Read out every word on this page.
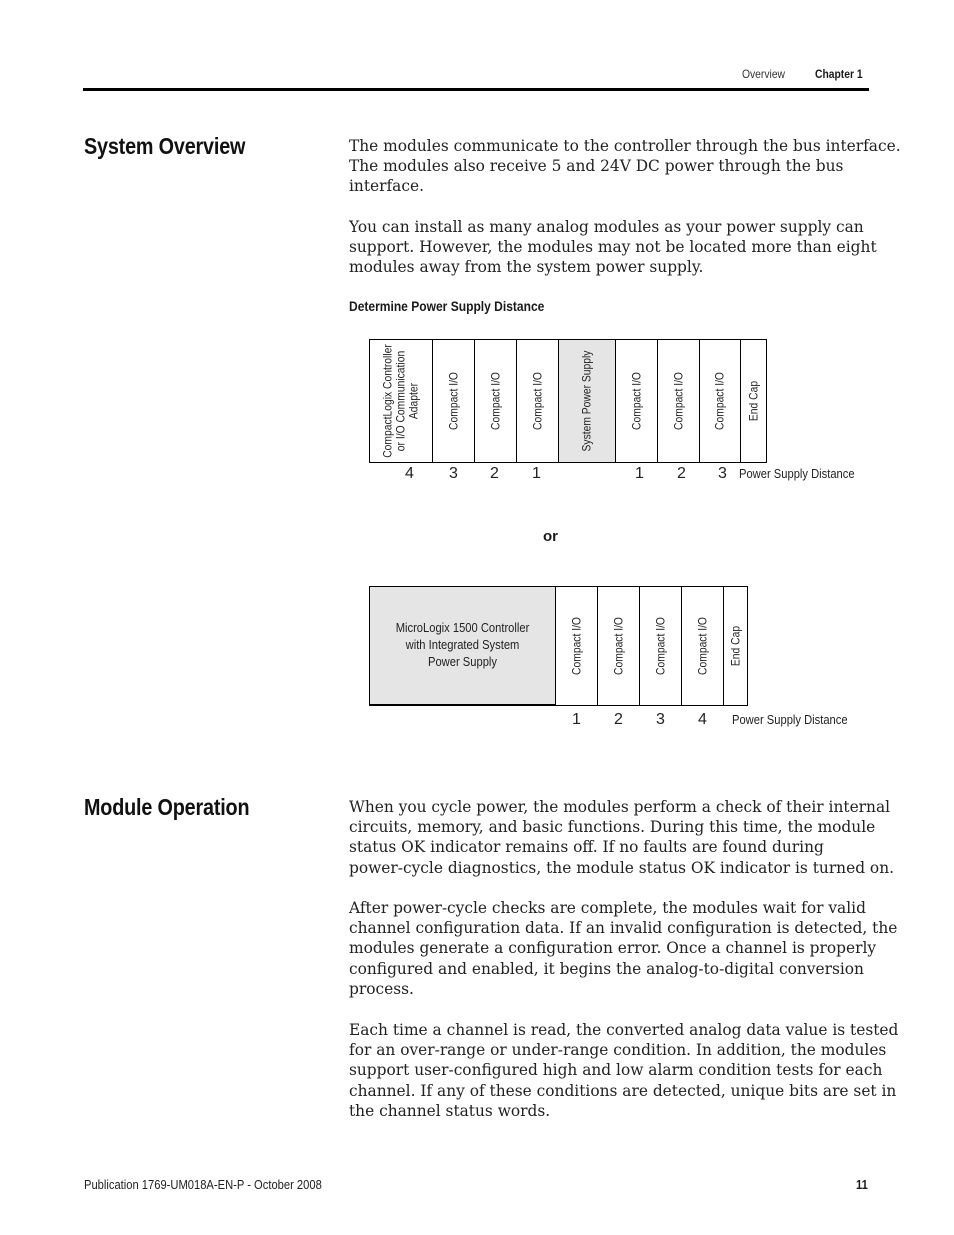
Overview Chapter 1
System Overview	The modules communicate to the controller through the bus interface.
The modules also receive 5 and 24V DC power through the bus
interface.
You can install as many analog modules as your power supply can
support. However, the modules may not be located more than eight
modules away from the system power supply.
Determine Power Supply Distance
CompactLogix Controller
or I/O Communication
Adapter Compact I/O Compact I/O Compact I/O	System Power Supply	Compact I/O Compact I/O Compact I/O End Cap
4 3 2 1	1 2 3 Power Supply Distance
or
MicroLogix 1500 Controller
with Integrated System
Power Supply	Compact I/O Compact I/O Compact I/O Compact I/O End Cap
1 2 3 4 Power Supply Distance
Module Operation	When you cycle power, the modules perform a check of their internal
circuits, memory, and basic functions. During this time, the module
status OK indicator remains off. If no faults are found during
power-cycle diagnostics, the module status OK indicator is turned on.
After power-cycle checks are complete, the modules wait for valid
channel configuration data. If an invalid configuration is detected, the
modules generate a configuration error. Once a channel is properly
configured and enabled, it begins the analog-to-digital conversion
process.
Each time a channel is read, the converted analog data value is tested
for an over-range or under-range condition. In addition, the modules
support user-configured high and low alarm condition tests for each
channel. If any of these conditions are detected, unique bits are set in
the channel status words.
Publication 1769-UM018A-EN-P - October 2008	11
